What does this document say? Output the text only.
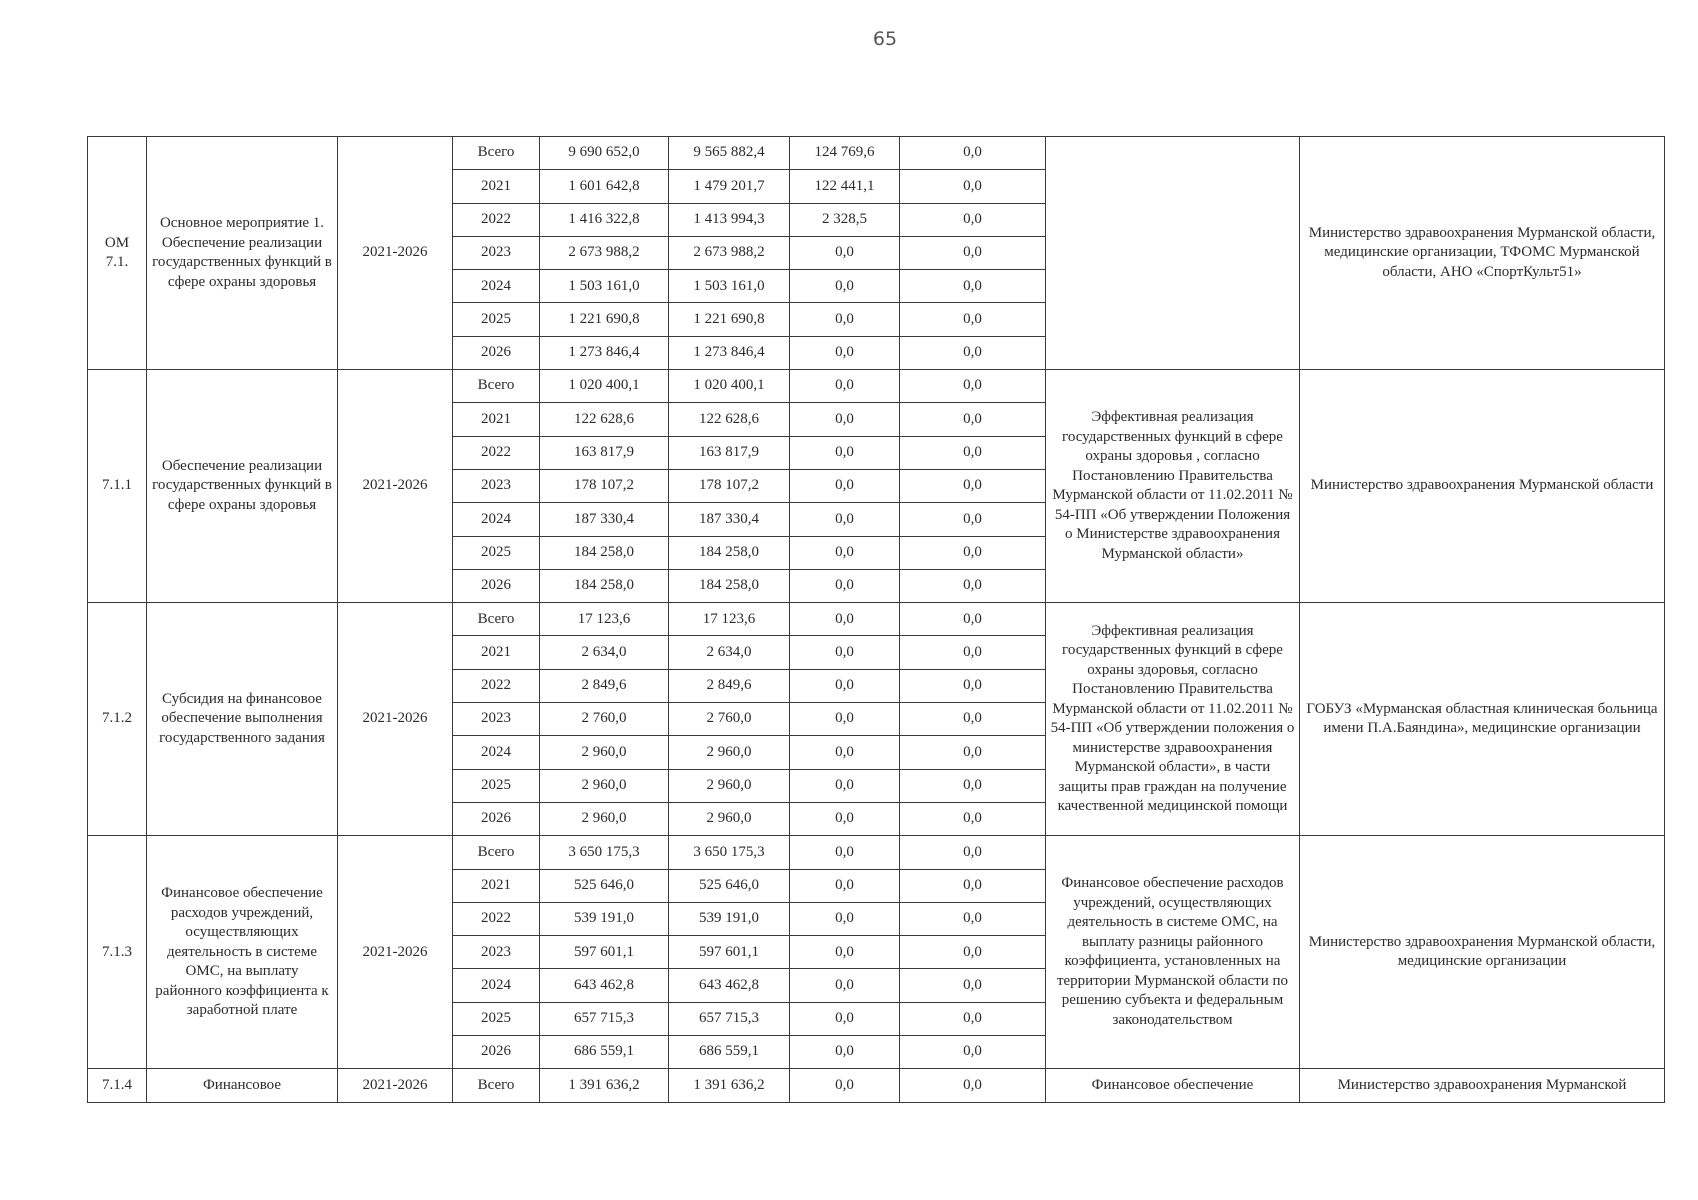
65
ОМ 7.1.	Основное мероприятие 1. Обеспечение реализации государственных функций в сфере охраны здоровья	2021-2026	Всего	9 690 652,0	9 565 882,4	124 769,6	0,0		Министерство здравоохранения Мурманской области, медицинские организации, ТФОМС Мурманской области, АНО «СпортКульт51»
			2021	1 601 642,8	1 479 201,7	122 441,1	0,0		
			2022	1 416 322,8	1 413 994,3	2 328,5	0,0		
			2023	2 673 988,2	2 673 988,2	0,0	0,0		
			2024	1 503 161,0	1 503 161,0	0,0	0,0		
			2025	1 221 690,8	1 221 690,8	0,0	0,0		
			2026	1 273 846,4	1 273 846,4	0,0	0,0		
7.1.1	Обеспечение реализации государственных функций в сфере охраны здоровья	2021-2026	Всего	1 020 400,1	1 020 400,1	0,0	0,0	Эффективная реализация государственных функций в сфере охраны здоровья , согласно Постановлению Правительства Мурманской области от 11.02.2011 № 54-ПП «Об утверждении Положения о Министерстве здравоохранения Мурманской области»	Министерство здравоохранения Мурманской области
			2021	122 628,6	122 628,6	0,0	0,0		
			2022	163 817,9	163 817,9	0,0	0,0		
			2023	178 107,2	178 107,2	0,0	0,0		
			2024	187 330,4	187 330,4	0,0	0,0		
			2025	184 258,0	184 258,0	0,0	0,0		
			2026	184 258,0	184 258,0	0,0	0,0		
7.1.2	Субсидия на финансовое обеспечение выполнения государственного задания	2021-2026	Всего	17 123,6	17 123,6	0,0	0,0	Эффективная реализация государственных функций в сфере охраны здоровья, согласно Постановлению Правительства Мурманской области от 11.02.2011 № 54-ПП «Об утверждении положения о министерстве здравоохранения Мурманской области», в части защиты прав граждан на получение качественной медицинской помощи	ГОБУЗ «Мурманская областная клиническая больница имени П.А.Баяндина», медицинские организации
			2021	2 634,0	2 634,0	0,0	0,0		
			2022	2 849,6	2 849,6	0,0	0,0		
			2023	2 760,0	2 760,0	0,0	0,0		
			2024	2 960,0	2 960,0	0,0	0,0		
			2025	2 960,0	2 960,0	0,0	0,0		
			2026	2 960,0	2 960,0	0,0	0,0		
7.1.3	Финансовое обеспечение расходов учреждений, осуществляющих деятельность в системе ОМС, на выплату районного коэффициента к заработной плате	2021-2026	Всего	3 650 175,3	3 650 175,3	0,0	0,0	Финансовое обеспечение расходов учреждений, осуществляющих деятельность в системе ОМС, на выплату разницы районного коэффициента, установленных на территории Мурманской области по решению субъекта и федеральным законодательством	Министерство здравоохранения Мурманской области, медицинские организации
			2021	525 646,0	525 646,0	0,0	0,0		
			2022	539 191,0	539 191,0	0,0	0,0		
			2023	597 601,1	597 601,1	0,0	0,0		
			2024	643 462,8	643 462,8	0,0	0,0		
			2025	657 715,3	657 715,3	0,0	0,0		
			2026	686 559,1	686 559,1	0,0	0,0		
7.1.4	Финансовое	2021-2026	Всего	1 391 636,2	1 391 636,2	0,0	0,0	Финансовое обеспечение	Министерство здравоохранения Мурманской
